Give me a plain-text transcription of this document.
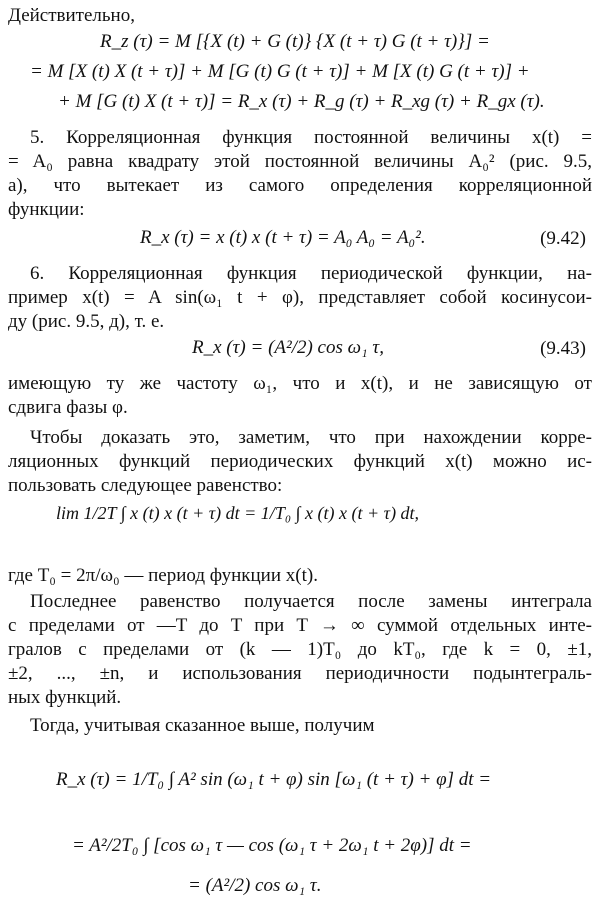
Действительно,
R_z (τ) = M [{X (t) + G (t)} {X (t + τ) G (t + τ)}] =
= M [X (t) X (t + τ)] + M [G (t) G (t + τ)] + M [X (t) G (t + τ)] +
+ M [G (t) X (t + τ)] = R_x (τ) + R_g (τ) + R_xg (τ) + R_gx (τ).
5. Корреляционная функция постоянной величины x(t) =
= A₀ равна квадрату этой постоянной величины A₀² (рис. 9.5,
а), что вытекает из самого определения корреляционной
функции:
R_x (τ) = x (t) x (t + τ) = A₀ A₀ = A₀².	(9.42)
6. Корреляционная функция периодической функции, на-
пример x(t) = A sin(ω₁ t + φ), представляет собой косинусои-
ду (рис. 9.5, д), т. е.
R_x (τ) = (A²/2) cos ω₁ τ,	(9.43)
имеющую ту же частоту ω₁, что и x(t), и не зависящую от
сдвига фазы φ.
Чтобы доказать это, заметим, что при нахождении корре-
ляционных функций периодических функций x(t) можно ис-
пользовать следующее равенство:
lim 1/2T ∫ x (t) x (t + τ) dt = 1/T₀ ∫ x (t) x (t + τ) dt,
где T₀ = 2π/ω₀ — период функции x(t).
Последнее равенство получается после замены интеграла
с пределами от —T до T при T → ∞ суммой отдельных инте-
гралов с пределами от (k — 1)T₀ до kT₀, где k = 0, ±1,
±2, ..., ±n, и использования периодичности подынтеграль-
ных функций.
Тогда, учитывая сказанное выше, получим
R_x (τ) = 1/T₀ ∫ A² sin (ω₁ t + φ) sin [ω₁ (t + τ) + φ] dt =
= A²/2T₀ ∫ [cos ω₁ τ — cos (ω₁ τ + 2ω₁ t + 2φ)] dt =
= (A²/2) cos ω₁ τ.
